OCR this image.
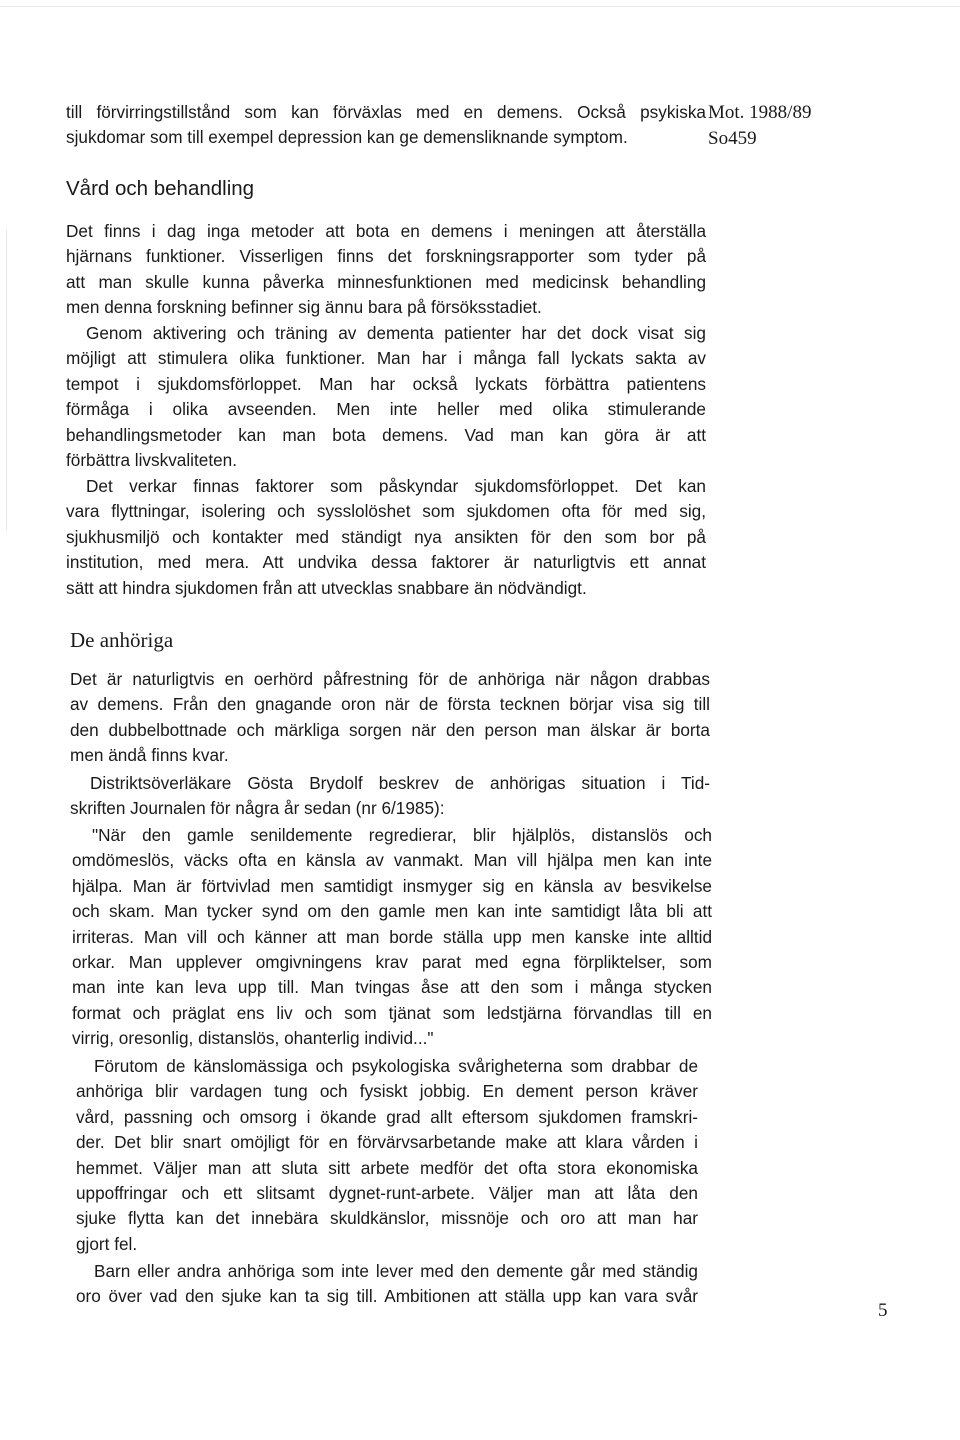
Mot. 1988/89
So459
till förvirringstillstånd som kan förväxlas med en demens. Också psykiska
sjukdomar som till exempel depression kan ge demensliknande symptom.
Vård och behandling
Det finns i dag inga metoder att bota en demens i meningen att återställa
hjärnans funktioner. Visserligen finns det forskningsrapporter som tyder på
att man skulle kunna påverka minnesfunktionen med medicinsk behandling
men denna forskning befinner sig ännu bara på försöksstadiet.
Genom aktivering och träning av dementa patienter har det dock visat sig
möjligt att stimulera olika funktioner. Man har i många fall lyckats sakta av
tempot i sjukdomsförloppet. Man har också lyckats förbättra patientens
förmåga i olika avseenden. Men inte heller med olika stimulerande
behandlingsmetoder kan man bota demens. Vad man kan göra är att
förbättra livskvaliteten.
Det verkar finnas faktorer som påskyndar sjukdomsförloppet. Det kan
vara flyttningar, isolering och sysslolöshet som sjukdomen ofta för med sig,
sjukhusmiljö och kontakter med ständigt nya ansikten för den som bor på
institution, med mera. Att undvika dessa faktorer är naturligtvis ett annat
sätt att hindra sjukdomen från att utvecklas snabbare än nödvändigt.
De anhöriga
Det är naturligtvis en oerhörd påfrestning för de anhöriga när någon drabbas
av demens. Från den gnagande oron när de första tecknen börjar visa sig till
den dubbelbottnade och märkliga sorgen när den person man älskar är borta
men ändå finns kvar.
Distriktsöverläkare Gösta Brydolf beskrev de anhörigas situation i Tid-
skriften Journalen för några år sedan (nr 6/1985):
"När den gamle senildemente regredierar, blir hjälplös, distanslös och
omdömeslös, väcks ofta en känsla av vanmakt. Man vill hjälpa men kan inte
hjälpa. Man är förtvivlad men samtidigt insmyger sig en känsla av besvikelse
och skam. Man tycker synd om den gamle men kan inte samtidigt låta bli att
irriteras. Man vill och känner att man borde ställa upp men kanske inte alltid
orkar. Man upplever omgivningens krav parat med egna förpliktelser, som
man inte kan leva upp till. Man tvingas åse att den som i många stycken
format och präglat ens liv och som tjänat som ledstjärna förvandlas till en
virrig, oresonlig, distanslös, ohanterlig individ..."
Förutom de känslomässiga och psykologiska svårigheterna som drabbar de
anhöriga blir vardagen tung och fysiskt jobbig. En dement person kräver
vård, passning och omsorg i ökande grad allt eftersom sjukdomen framskri-
der. Det blir snart omöjligt för en förvärvsarbetande make att klara vården i
hemmet. Väljer man att sluta sitt arbete medför det ofta stora ekonomiska
uppoffringar och ett slitsamt dygnet-runt-arbete. Väljer man att låta den
sjuke flytta kan det innebära skuldkänslor, missnöje och oro att man har
gjort fel.
Barn eller andra anhöriga som inte lever med den demente går med ständig
oro över vad den sjuke kan ta sig till. Ambitionen att ställa upp kan vara svår
5
